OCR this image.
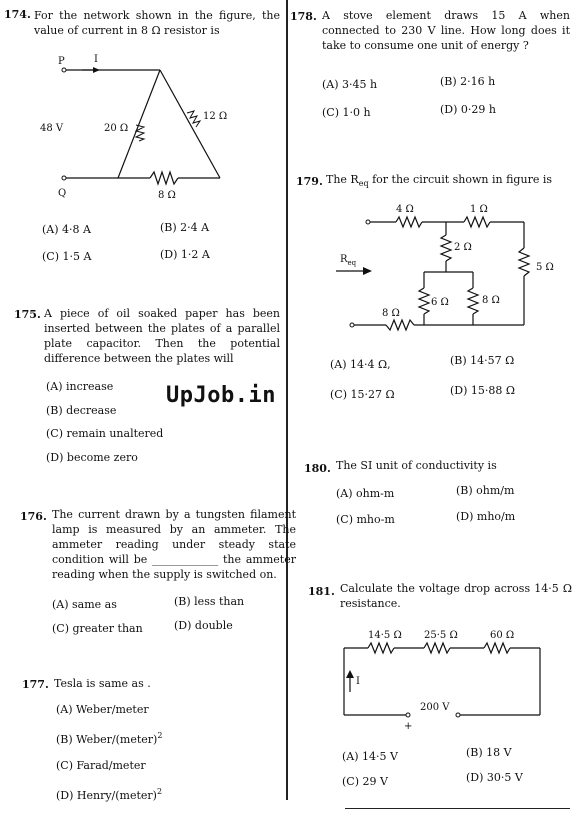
174. For the network shown in the figure, the value of current in 8 Ω resistor is
P	I
48 V	20 Ω
12 Ω
Q	8 Ω
(A) 4·8 A	(B) 2·4 A
(C) 1·5 A	(D) 1·2 A
175. A piece of oil soaked paper has been inserted between the plates of a parallel plate capacitor. Then the potential difference between the plates will
(A) increase
(B) decrease
(C) remain unaltered
(D) become zero
UpJob.in
176. The current drawn by a tungsten filament lamp is measured by an ammeter. The ammeter reading under steady state condition will be ____________ the ammeter reading when the supply is switched on.
(A) same as	(B) less than
(C) greater than	(D) double
177. Tesla is same as .
(A) Weber/meter
(B) Weber/(meter)$^2$
(C) Farad/meter
(D) Henry/(meter)$^2$
178. A stove element draws 15 A when connected to 230 V line. How long does it take to consume one unit of energy ?
(A) 3·45 h	(B) 2·16 h
(C) 1·0 h	(D) 0·29 h
179. The $R_{eq}$ for the circuit shown in figure is
4 Ω	1 Ω
2 Ω
5 Ω
6 Ω	8 Ω
8 Ω
$R_{eq}$
(A) 14·4 Ω,	(B) 14·57 Ω
(C) 15·27 Ω	(D) 15·88 Ω
180. The SI unit of conductivity is
(A) ohm-m	(B) ohm/m
(C) mho-m	(D) mho/m
181. Calculate the voltage drop across 14·5 Ω resistance.
14·5 Ω 25·5 Ω	60 Ω
I
200 V
+
(A) 14·5 V	(B) 18 V
(C) 29 V	(D) 30·5 V
